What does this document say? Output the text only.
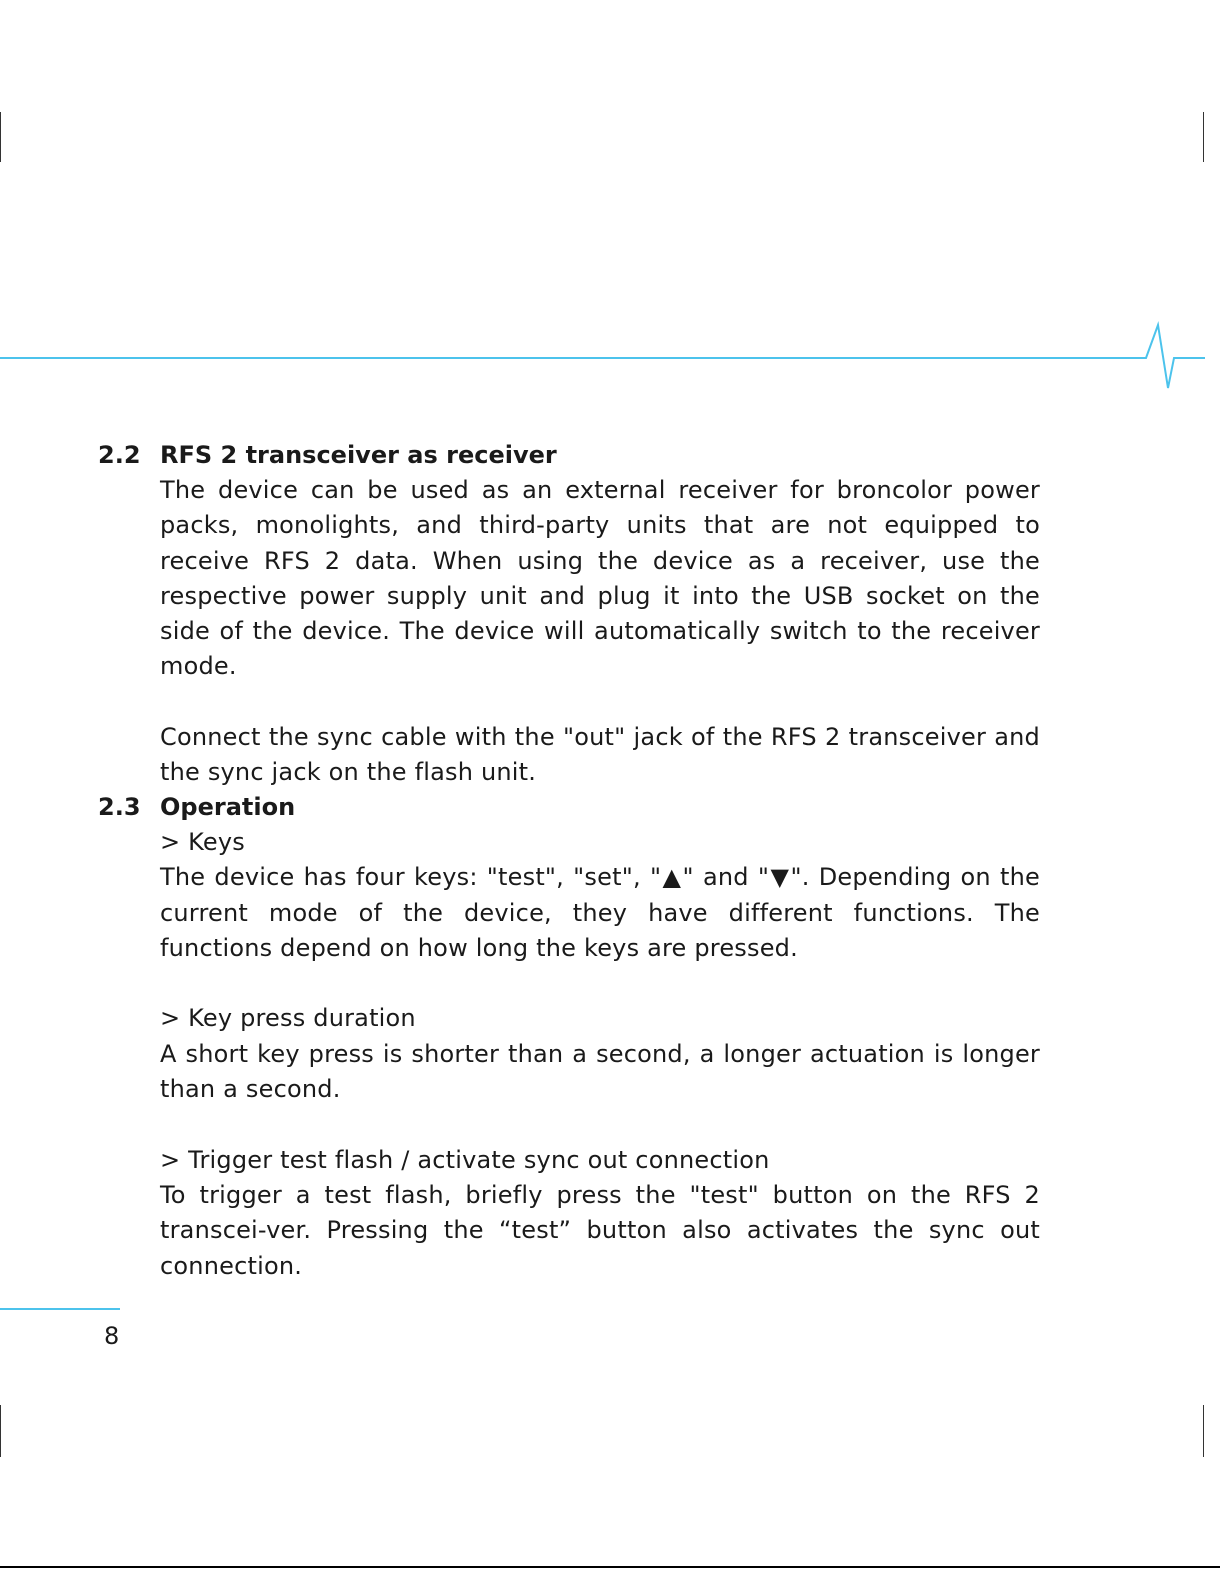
2.2 RFS 2 transceiver as receiver

The device can be used as an external receiver for broncolor power packs, monolights, and third-party units that are not equipped to receive RFS 2 data. When using the device as a receiver, use the respective power supply unit and plug it into the USB socket on the side of the device. The device will automatically switch to the receiver mode.

Connect the sync cable with the "out" jack of the RFS 2 transceiver and the sync jack on the flash unit.

2.3 Operation

> Keys

The device has four keys: "test", "set", "▲" and "▼". Depending on the current mode of the device, they have different functions. The functions depend on how long the keys are pressed.

> Key press duration

A short key press is shorter than a second, a longer actuation is longer than a second.

> Trigger test flash / activate sync out connection

To trigger a test flash, briefly press the "test" button on the RFS 2 transcei-ver. Pressing the “test” button also activates the sync out connection.

8
